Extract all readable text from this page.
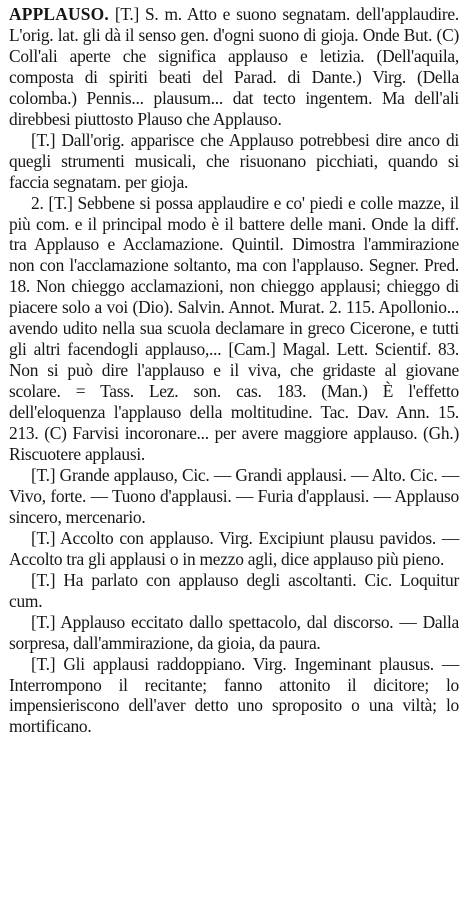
APPLAUSO. [T.] S. m. Atto e suono segnatam. dell'applaudire. L'orig. lat. gli dà il senso gen. d'ogni suono di gioja. Onde But. (C) Coll'ali aperte che significa applauso e letizia. (Dell'aquila, composta di spiriti beati del Parad. di Dante.) Virg. (Della colomba.) Pennis... plausum... dat tecto ingentem. Ma dell'ali direbbesi piuttosto Plauso che Applauso.

[T.] Dall'orig. apparisce che Applauso potrebbesi dire anco di quegli strumenti musicali, che risuonano picchiati, quando si faccia segnatam. per gioja.

2. [T.] Sebbene si possa applaudire e co' piedi e colle mazze, il più com. e il principal modo è il battere delle mani. Onde la diff. tra Applauso e Acclamazione. Quintil. Dimostra l'ammirazione non con l'acclamazione soltanto, ma con l'applauso. Segner. Pred. 18. Non chieggo acclamazioni, non chieggo applausi; chieggo di piacere solo a voi (Dio). Salvin. Annot. Murat. 2. 115. Apollonio... avendo udito nella sua scuola declamare in greco Cicerone, e tutti gli altri facendogli applauso,... [Cam.] Magal. Lett. Scientif. 83. Non si può dire l'applauso e il viva, che gridaste al giovane scolare. = Tass. Lez. son. cas. 183. (Man.) È l'effetto dell'eloquenza l'applauso della moltitudine. Tac. Dav. Ann. 15. 213. (C) Farvisi incoronare... per avere maggiore applauso. (Gh.) Riscuotere applausi.

[T.] Grande applauso, Cic. — Grandi applausi. — Alto. Cic. — Vivo, forte. — Tuono d'applausi. — Furia d'applausi. — Applauso sincero, mercenario.

[T.] Accolto con applauso. Virg. Excipiunt plausu pavidos. — Accolto tra gli applausi o in mezzo agli, dice applauso più pieno.

[T.] Ha parlato con applauso degli ascoltanti. Cic. Loquitur cum.

[T.] Applauso eccitato dallo spettacolo, dal discorso. — Dalla sorpresa, dall'ammirazione, da gioia, da paura.

[T.] Gli applausi raddoppiano. Virg. Ingeminant plausus. — Interrompono il recitante; fanno attonito il dicitore; lo impensieriscono dell'aver detto uno sproposito o una viltà; lo mortificano.
